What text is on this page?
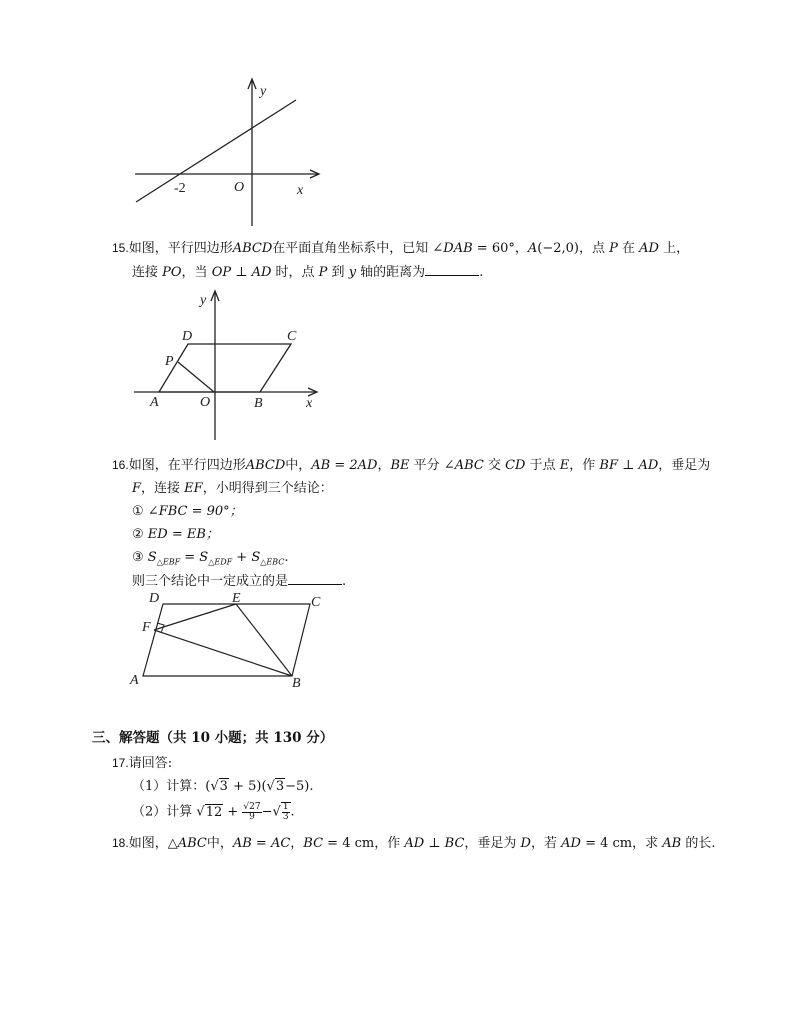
y
x
O
-2
15.如图，平行四边形ABCD在平面直角坐标系中，已知 ∠DAB = 60°，A(−2,0)，点 P 在 AD 上，
连接 PO，当 OP ⊥ AD 时，点 P 到 y 轴的距离为	.
y
x
D	C
P
A	O	B
16.如图，在平行四边形ABCD中，AB = 2AD，BE 平分 ∠ABC 交 CD 于点 E，作 BF ⊥ AD，垂足为
F，连接 EF，小明得到三个结论：
① ∠FBC = 90°；
② ED = EB；
③ $S_{\triangle EBF} = S_{\triangle EDF} + S_{\triangle EBC}$.
则三个结论中一定成立的是	.
D	E	C
F
A	B
三、解答题（共 10 小题；共 130 分）
17.请回答:
（1）计算：(√3 + 5)(√3−5).
（2）计算 $√12 + \frac{√27}{9}$ −√ $\frac{1}{3}$ .
18.如图，△ABC中，AB = AC，BC = 4 cm，作 AD ⊥ BC，垂足为 D，若 AD = 4 cm，求 AB 的长.
